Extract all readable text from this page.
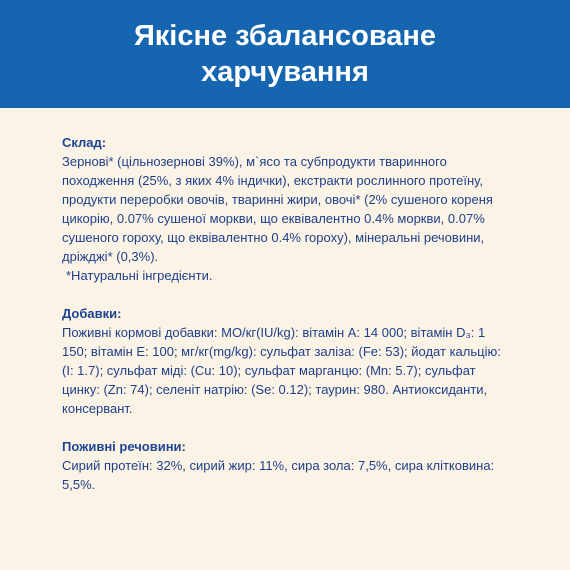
Якісне збалансоване харчування
Склад:
Зернові* (цільнозернові 39%), м`ясо та субпродукти тваринного походження (25%, з яких 4% індички), екстракти рослинного протеїну, продукти переробки овочів, тваринні жири, овочі* (2% сушеного кореня цикорію, 0.07% сушеної моркви, що еквівалентно 0.4% моркви, 0.07% сушеного гороху, що еквівалентно 0.4% гороху), мінеральні речовини, дріжджі* (0,3%).
*Натуральні інгредієнти.
Добавки:
Поживні кормові добавки: МО/кг(IU/kg): вітамін А: 14 000; вітамін D₃: 1 150; вітамін Е: 100; мг/кг(mg/kg): сульфат заліза: (Fe: 53); йодат кальцію: (I: 1.7); сульфат міді: (Cu: 10); сульфат марганцю: (Mn: 5.7); сульфат цинку: (Zn: 74); селеніт натрію: (Se: 0.12); таурин: 980. Антиоксиданти, консервант.
Поживні речовини:
Сирий протеїн: 32%, сирий жир: 11%, сира зола: 7,5%, сира клітковина: 5,5%.
